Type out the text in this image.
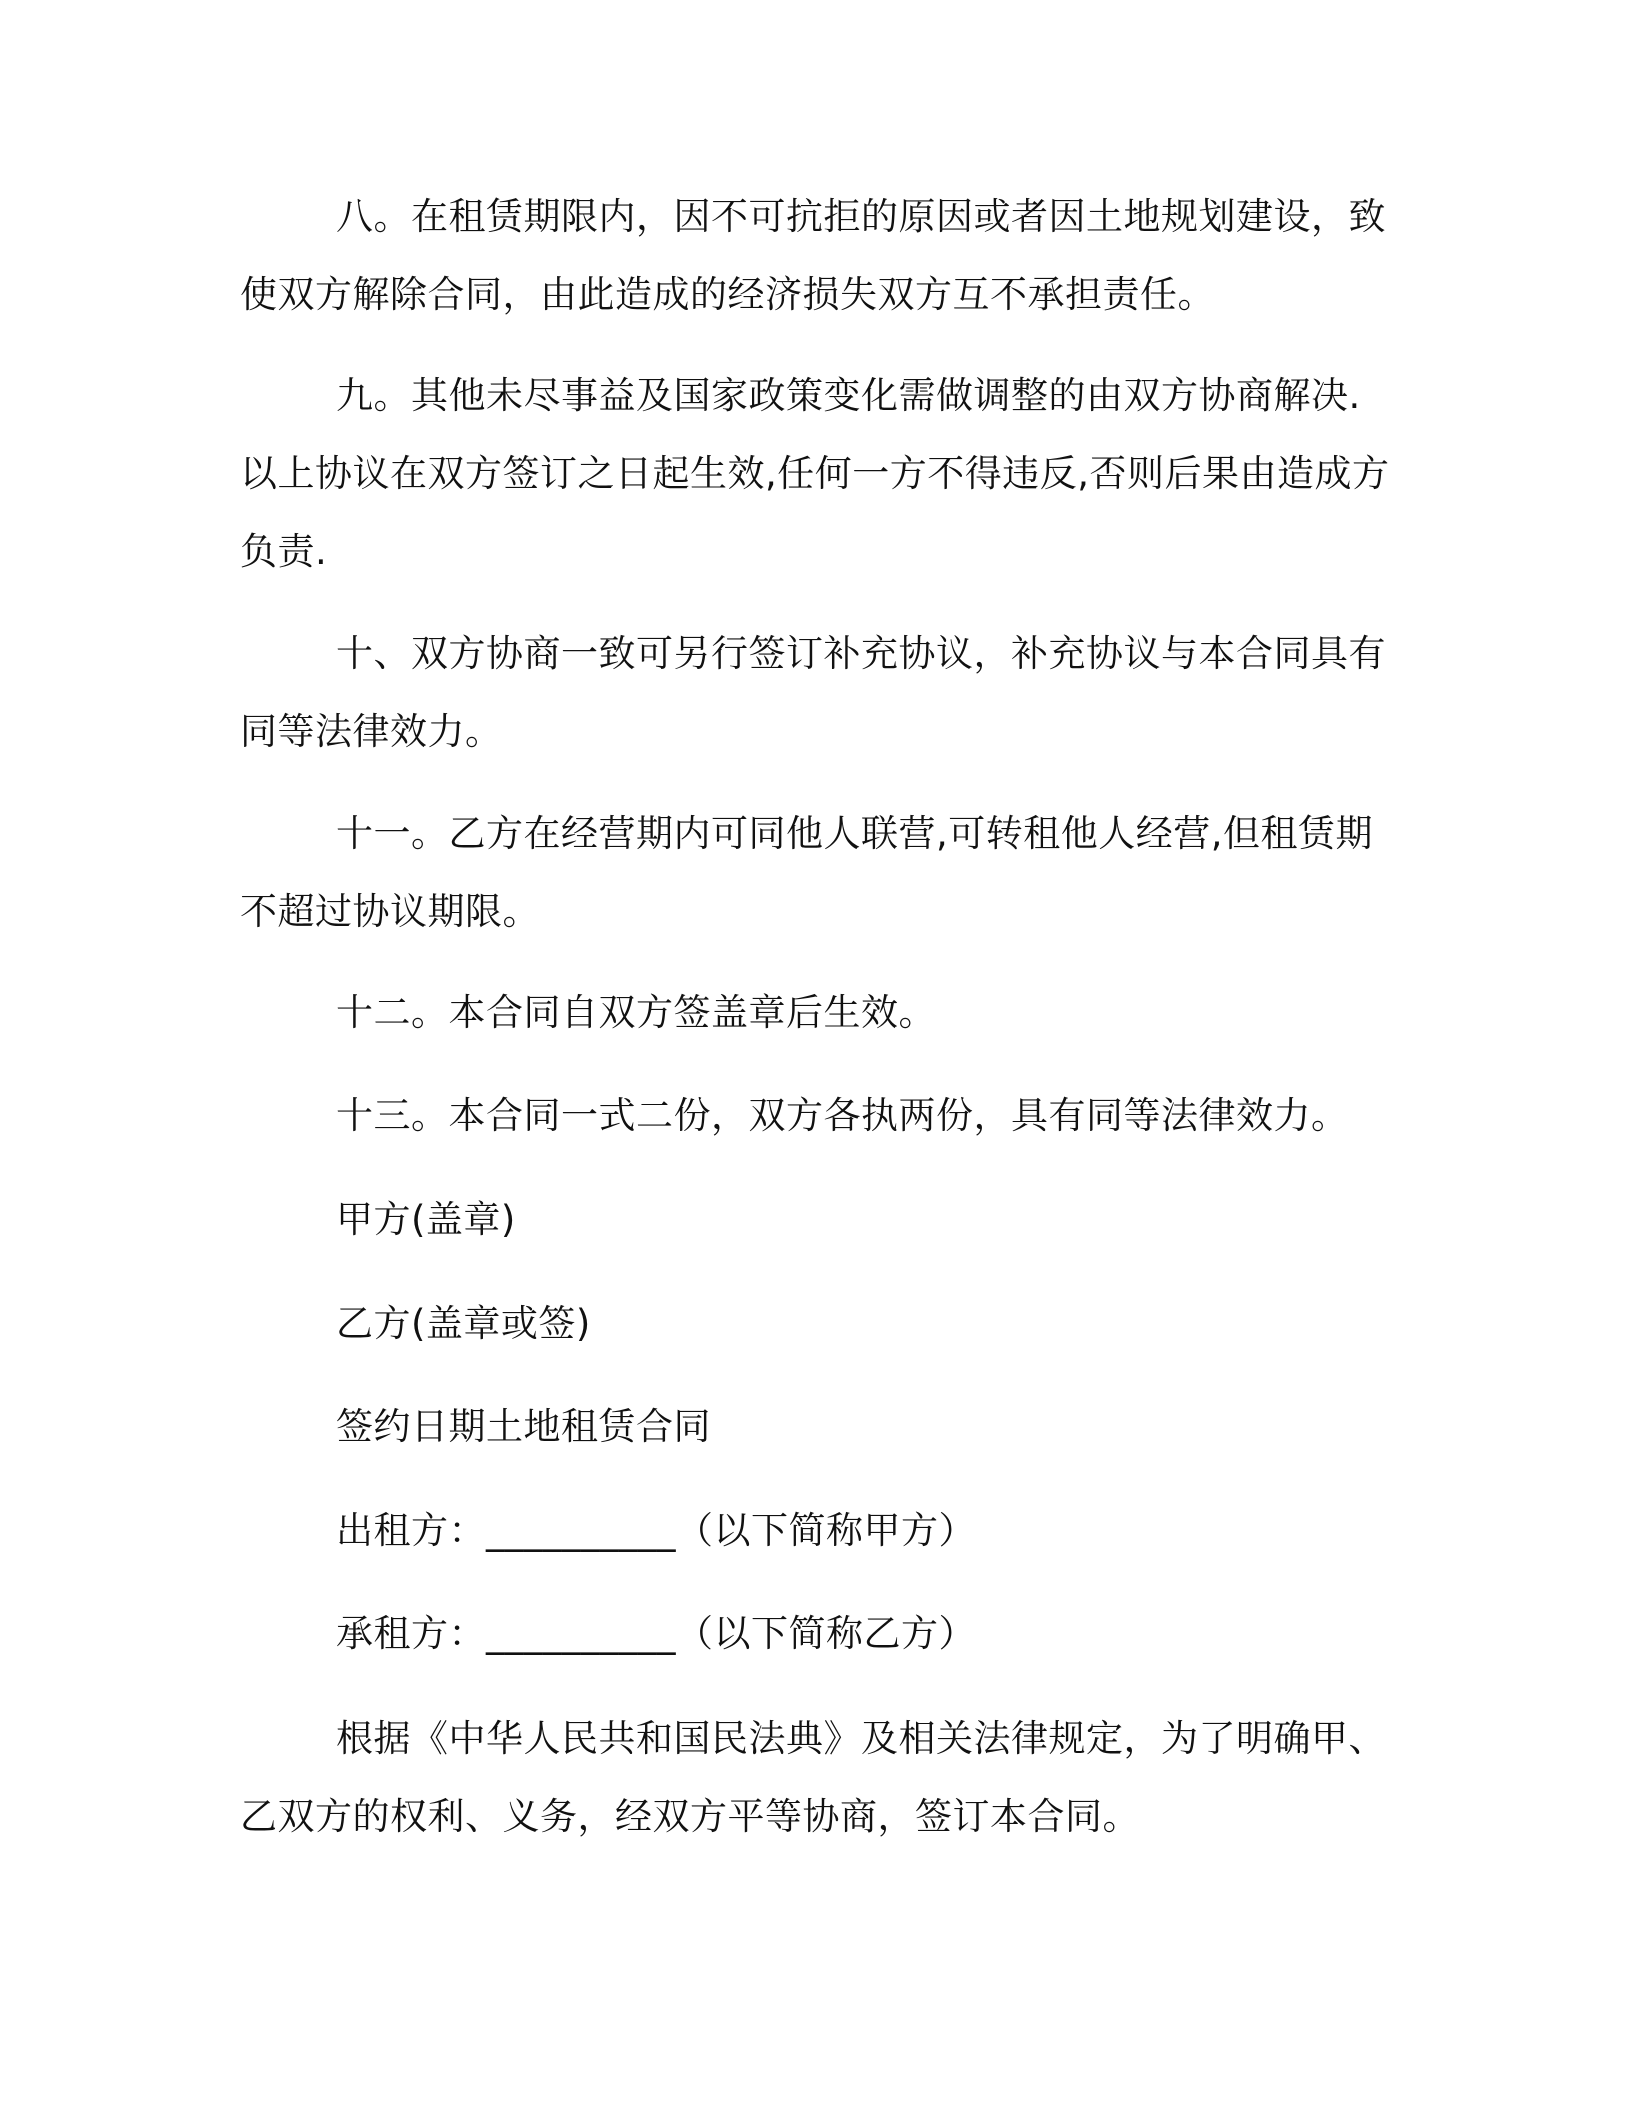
八。在租赁期限内，因不可抗拒的原因或者因土地规划建设，致
使双方解除合同，由此造成的经济损失双方互不承担责任。
九。其他未尽事益及国家政策变化需做调整的由双方协商解决.
以上协议在双方签订之日起生效,任何一方不得违反,否则后果由造成方
负责.
十、双方协商一致可另行签订补充协议，补充协议与本合同具有
同等法律效力。
十一。乙方在经营期内可同他人联营,可转租他人经营,但租赁期
不超过协议期限。

十二。本合同自双方签盖章后生效。

十三。本合同一式二份，双方各执两份，具有同等法律效力。

甲方(盖章)

乙方(盖章或签)

签约日期土地租赁合同

出租方：__________（以下简称甲方）

承租方：__________（以下简称乙方）

根据《中华人民共和国民法典》及相关法律规定，为了明确甲、
乙双方的权利、义务，经双方平等协商，签订本合同。
